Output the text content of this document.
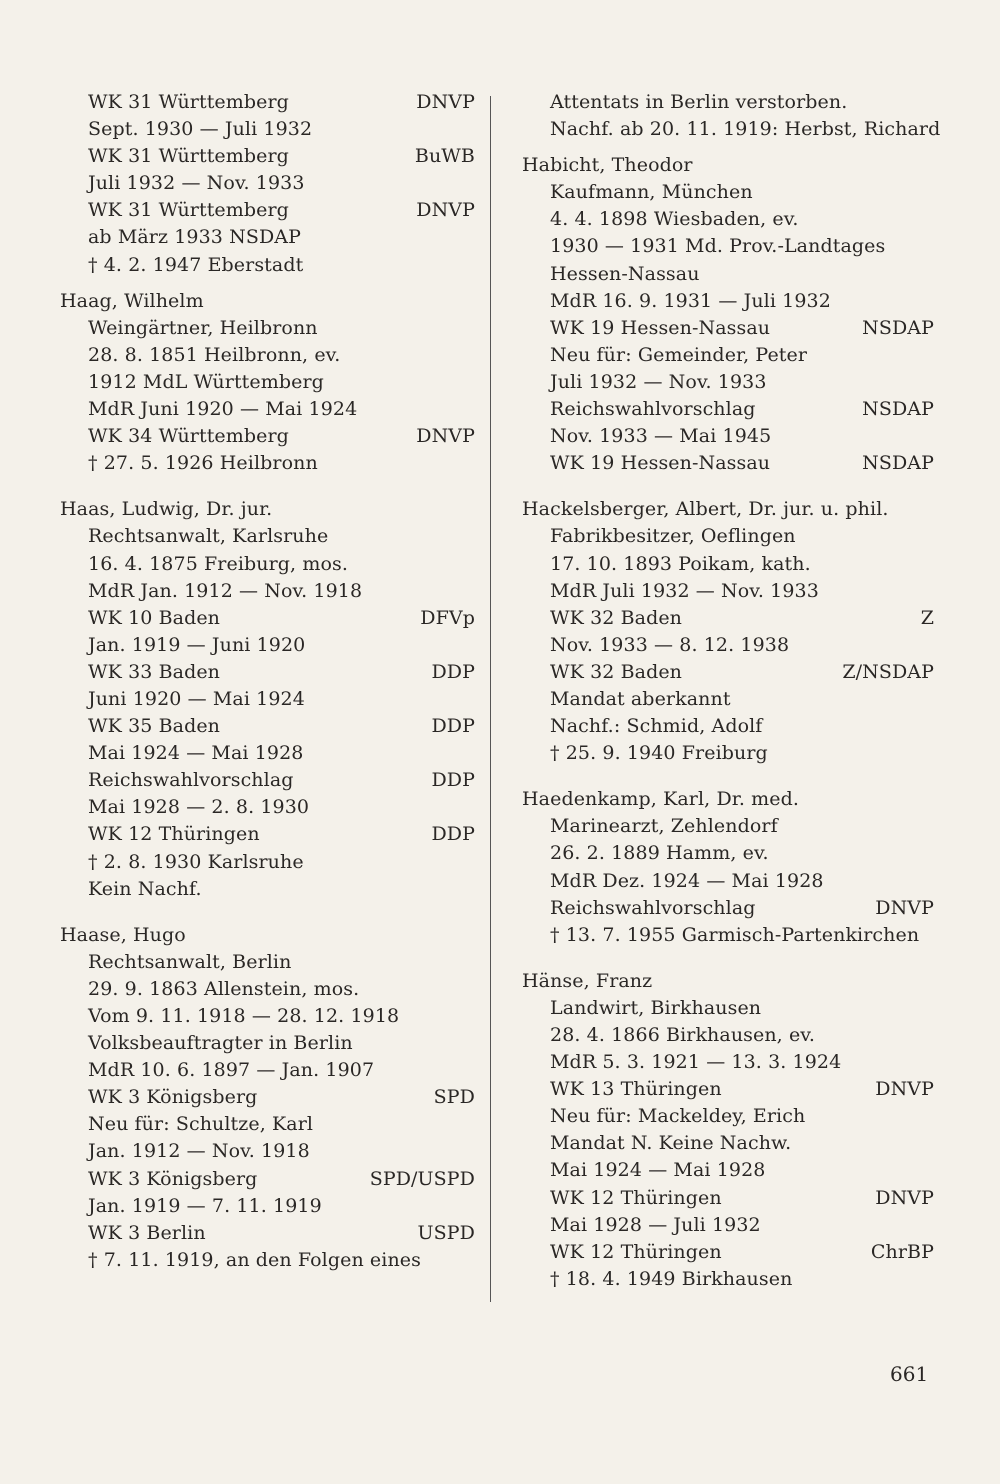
WK 31 Württemberg	DNVP
Sept. 1930 — Juli 1932
WK 31 Württemberg	BuWB
Juli 1932 — Nov. 1933
WK 31 Württemberg	DNVP
ab März 1933 NSDAP
† 4. 2. 1947 Eberstadt
Haag, Wilhelm
Weingärtner, Heilbronn
28. 8. 1851 Heilbronn, ev.
1912 MdL Württemberg
MdR Juni 1920 — Mai 1924
WK 34 Württemberg	DNVP
† 27. 5. 1926 Heilbronn
Haas, Ludwig, Dr. jur.
Rechtsanwalt, Karlsruhe
16. 4. 1875 Freiburg, mos.
MdR Jan. 1912 — Nov. 1918
WK 10 Baden	DFVp
Jan. 1919 — Juni 1920
WK 33 Baden	DDP
Juni 1920 — Mai 1924
WK 35 Baden	DDP
Mai 1924 — Mai 1928
Reichswahlvorschlag	DDP
Mai 1928 — 2. 8. 1930
WK 12 Thüringen	DDP
† 2. 8. 1930 Karlsruhe
Kein Nachf.
Haase, Hugo
Rechtsanwalt, Berlin
29. 9. 1863 Allenstein, mos.
Vom 9. 11. 1918 — 28. 12. 1918
Volksbeauftragter in Berlin
MdR 10. 6. 1897 — Jan. 1907
WK 3 Königsberg	SPD
Neu für: Schultze, Karl
Jan. 1912 — Nov. 1918
WK 3 Königsberg	SPD/USPD
Jan. 1919 — 7. 11. 1919
WK 3 Berlin	USPD
† 7. 11. 1919, an den Folgen eines
Attentats in Berlin verstorben.
Nachf. ab 20. 11. 1919: Herbst, Richard
Habicht, Theodor
Kaufmann, München
4. 4. 1898 Wiesbaden, ev.
1930 — 1931 Md. Prov.-Landtages
Hessen-Nassau
MdR 16. 9. 1931 — Juli 1932
WK 19 Hessen-Nassau	NSDAP
Neu für: Gemeinder, Peter
Juli 1932 — Nov. 1933
Reichswahlvorschlag	NSDAP
Nov. 1933 — Mai 1945
WK 19 Hessen-Nassau	NSDAP
Hackelsberger, Albert, Dr. jur. u. phil.
Fabrikbesitzer, Oeflingen
17. 10. 1893 Poikam, kath.
MdR Juli 1932 — Nov. 1933
WK 32 Baden	Z
Nov. 1933 — 8. 12. 1938
WK 32 Baden	Z/NSDAP
Mandat aberkannt
Nachf.: Schmid, Adolf
† 25. 9. 1940 Freiburg
Haedenkamp, Karl, Dr. med.
Marinearzt, Zehlendorf
26. 2. 1889 Hamm, ev.
MdR Dez. 1924 — Mai 1928
Reichswahlvorschlag	DNVP
† 13. 7. 1955 Garmisch-Partenkirchen
Hänse, Franz
Landwirt, Birkhausen
28. 4. 1866 Birkhausen, ev.
MdR 5. 3. 1921 — 13. 3. 1924
WK 13 Thüringen	DNVP
Neu für: Mackeldey, Erich
Mandat N. Keine Nachw.
Mai 1924 — Mai 1928
WK 12 Thüringen	DNVP
Mai 1928 — Juli 1932
WK 12 Thüringen	ChrBP
† 18. 4. 1949 Birkhausen
661
